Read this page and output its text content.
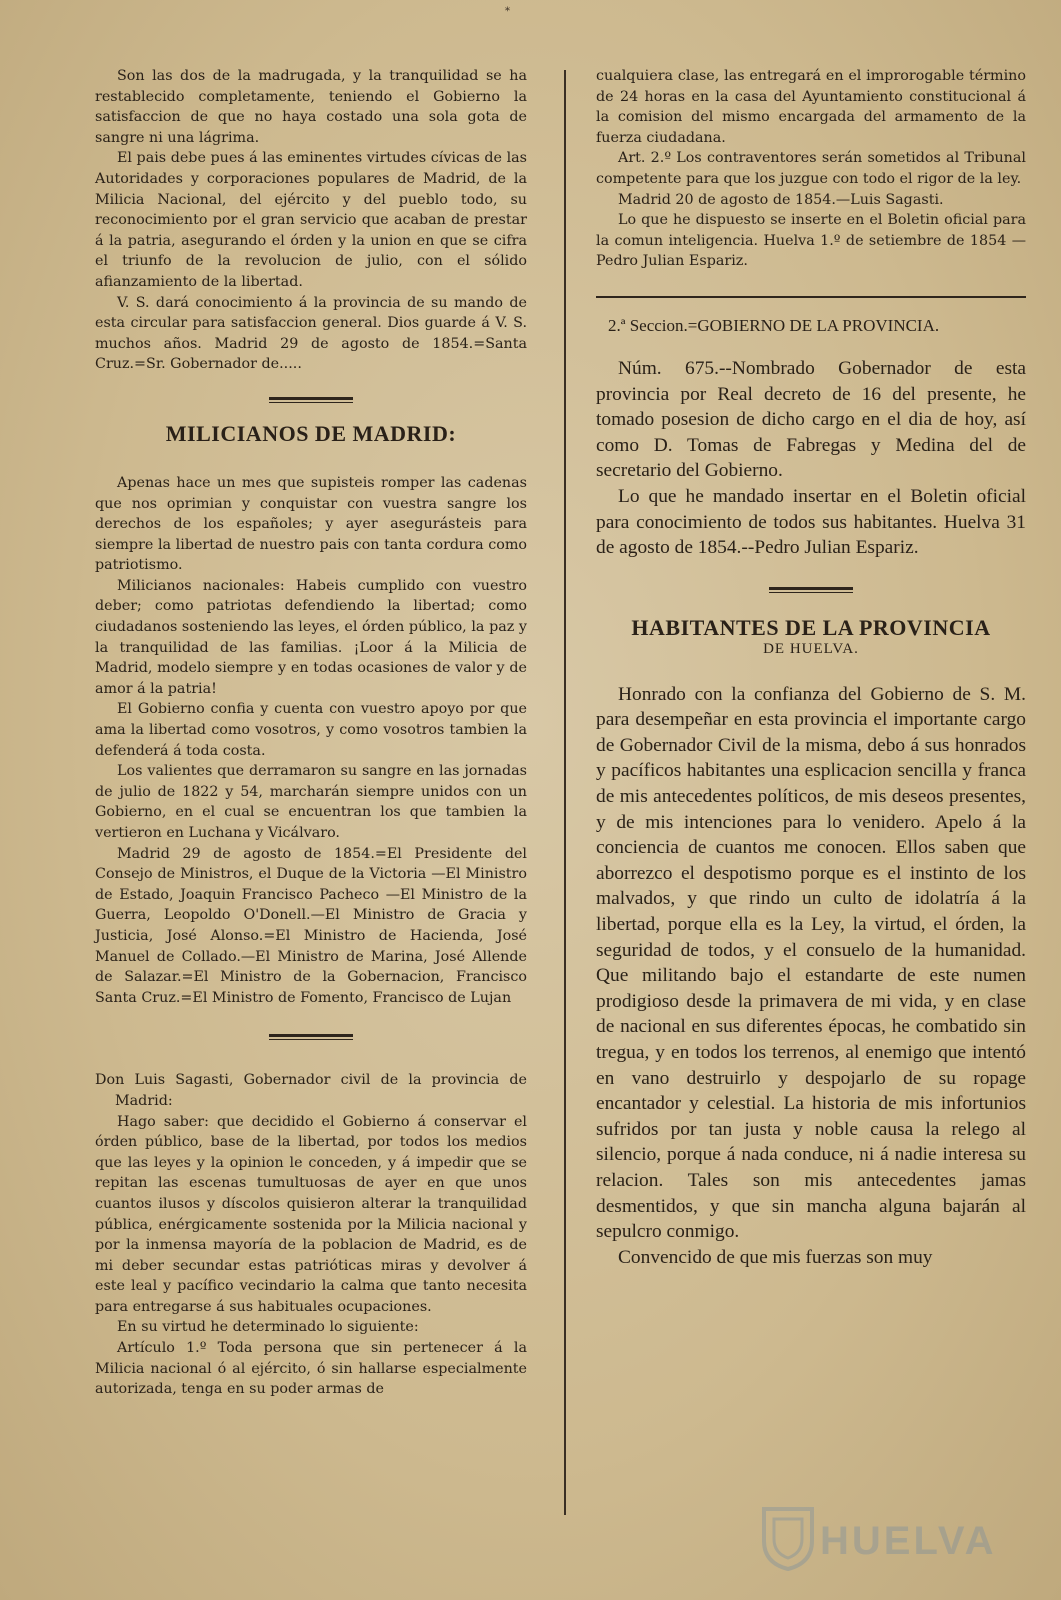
*

Son las dos de la madrugada, y la tranquilidad se ha restablecido completamente, teniendo el Gobierno la satisfaccion de que no haya costado una sola gota de sangre ni una lágrima.

El pais debe pues á las eminentes virtudes cívicas de las Autoridades y corporaciones populares de Madrid, de la Milicia Nacional, del ejército y del pueblo todo, su reconocimiento por el gran servicio que acaban de prestar á la patria, asegurando el órden y la union en que se cifra el triunfo de la revolucion de julio, con el sólido afianzamiento de la libertad.

V. S. dará conocimiento á la provincia de su mando de esta circular para satisfaccion general. Dios guarde á V. S. muchos años. Madrid 29 de agosto de 1854.=Santa Cruz.=Sr. Gobernador de.....

MILICIANOS DE MADRID:

Apenas hace un mes que supisteis romper las cadenas que nos oprimian y conquistar con vuestra sangre los derechos de los españoles; y ayer asegurásteis para siempre la libertad de nuestro pais con tanta cordura como patriotismo.

Milicianos nacionales: Habeis cumplido con vuestro deber; como patriotas defendiendo la libertad; como ciudadanos sosteniendo las leyes, el órden público, la paz y la tranquilidad de las familias. ¡Loor á la Milicia de Madrid, modelo siempre y en todas ocasiones de valor y de amor á la patria!

El Gobierno confia y cuenta con vuestro apoyo por que ama la libertad como vosotros, y como vosotros tambien la defenderá á toda costa.

Los valientes que derramaron su sangre en las jornadas de julio de 1822 y 54, marcharán siempre unidos con un Gobierno, en el cual se encuentran los que tambien la vertieron en Luchana y Vicálvaro.

Madrid 29 de agosto de 1854.=El Presidente del Consejo de Ministros, el Duque de la Victoria —El Ministro de Estado, Joaquin Francisco Pacheco —El Ministro de la Guerra, Leopoldo O'Donell.—El Ministro de Gracia y Justicia, José Alonso.=El Ministro de Hacienda, José Manuel de Collado.—El Ministro de Marina, José Allende de Salazar.=El Ministro de la Gobernacion, Francisco Santa Cruz.=El Ministro de Fomento, Francisco de Lujan

Don Luis Sagasti, Gobernador civil de la provincia de Madrid:

Hago saber: que decidido el Gobierno á conservar el órden público, base de la libertad, por todos los medios que las leyes y la opinion le conceden, y á impedir que se repitan las escenas tumultuosas de ayer en que unos cuantos ilusos y díscolos quisieron alterar la tranquilidad pública, enérgicamente sostenida por la Milicia nacional y por la inmensa mayoría de la poblacion de Madrid, es de mi deber secundar estas patrióticas miras y devolver á este leal y pacífico vecindario la calma que tanto necesita para entregarse á sus habituales ocupaciones.

En su virtud he determinado lo siguiente:

Artículo 1.º Toda persona que sin pertenecer á la Milicia nacional ó al ejército, ó sin hallarse especialmente autorizada, tenga en su poder armas de

cualquiera clase, las entregará en el improrogable término de 24 horas en la casa del Ayuntamiento constitucional á la comision del mismo encargada del armamento de la fuerza ciudadana.

Art. 2.º Los contraventores serán sometidos al Tribunal competente para que los juzgue con todo el rigor de la ley.

Madrid 20 de agosto de 1854.—Luis Sagasti.

Lo que he dispuesto se inserte en el Boletin oficial para la comun inteligencia. Huelva 1.º de setiembre de 1854 —Pedro Julian Espariz.

2.ª Seccion.=GOBIERNO DE LA PROVINCIA.

Núm. 675.--Nombrado Gobernador de esta provincia por Real decreto de 16 del presente, he tomado posesion de dicho cargo en el dia de hoy, así como D. Tomas de Fabregas y Medina del de secretario del Gobierno.

Lo que he mandado insertar en el Boletin oficial para conocimiento de todos sus habitantes. Huelva 31 de agosto de 1854.--Pedro Julian Espariz.

HABITANTES DE LA PROVINCIA

DE HUELVA.

Honrado con la confianza del Gobierno de S. M. para desempeñar en esta provincia el importante cargo de Gobernador Civil de la misma, debo á sus honrados y pacíficos habitantes una esplicacion sencilla y franca de mis antecedentes políticos, de mis deseos presentes, y de mis intenciones para lo venidero. Apelo á la conciencia de cuantos me conocen. Ellos saben que aborrezco el despotismo porque es el instinto de los malvados, y que rindo un culto de idolatría á la libertad, porque ella es la Ley, la virtud, el órden, la seguridad de todos, y el consuelo de la humanidad. Que militando bajo el estandarte de este numen prodigioso desde la primavera de mi vida, y en clase de nacional en sus diferentes épocas, he combatido sin tregua, y en todos los terrenos, al enemigo que intentó en vano destruirlo y despojarlo de su ropage encantador y celestial. La historia de mis infortunios sufridos por tan justa y noble causa la relego al silencio, porque á nada conduce, ni á nadie interesa su relacion. Tales son mis antecedentes jamas desmentidos, y que sin mancha alguna bajarán al sepulcro conmigo.

Convencido de que mis fuerzas son muy

HUELVA
